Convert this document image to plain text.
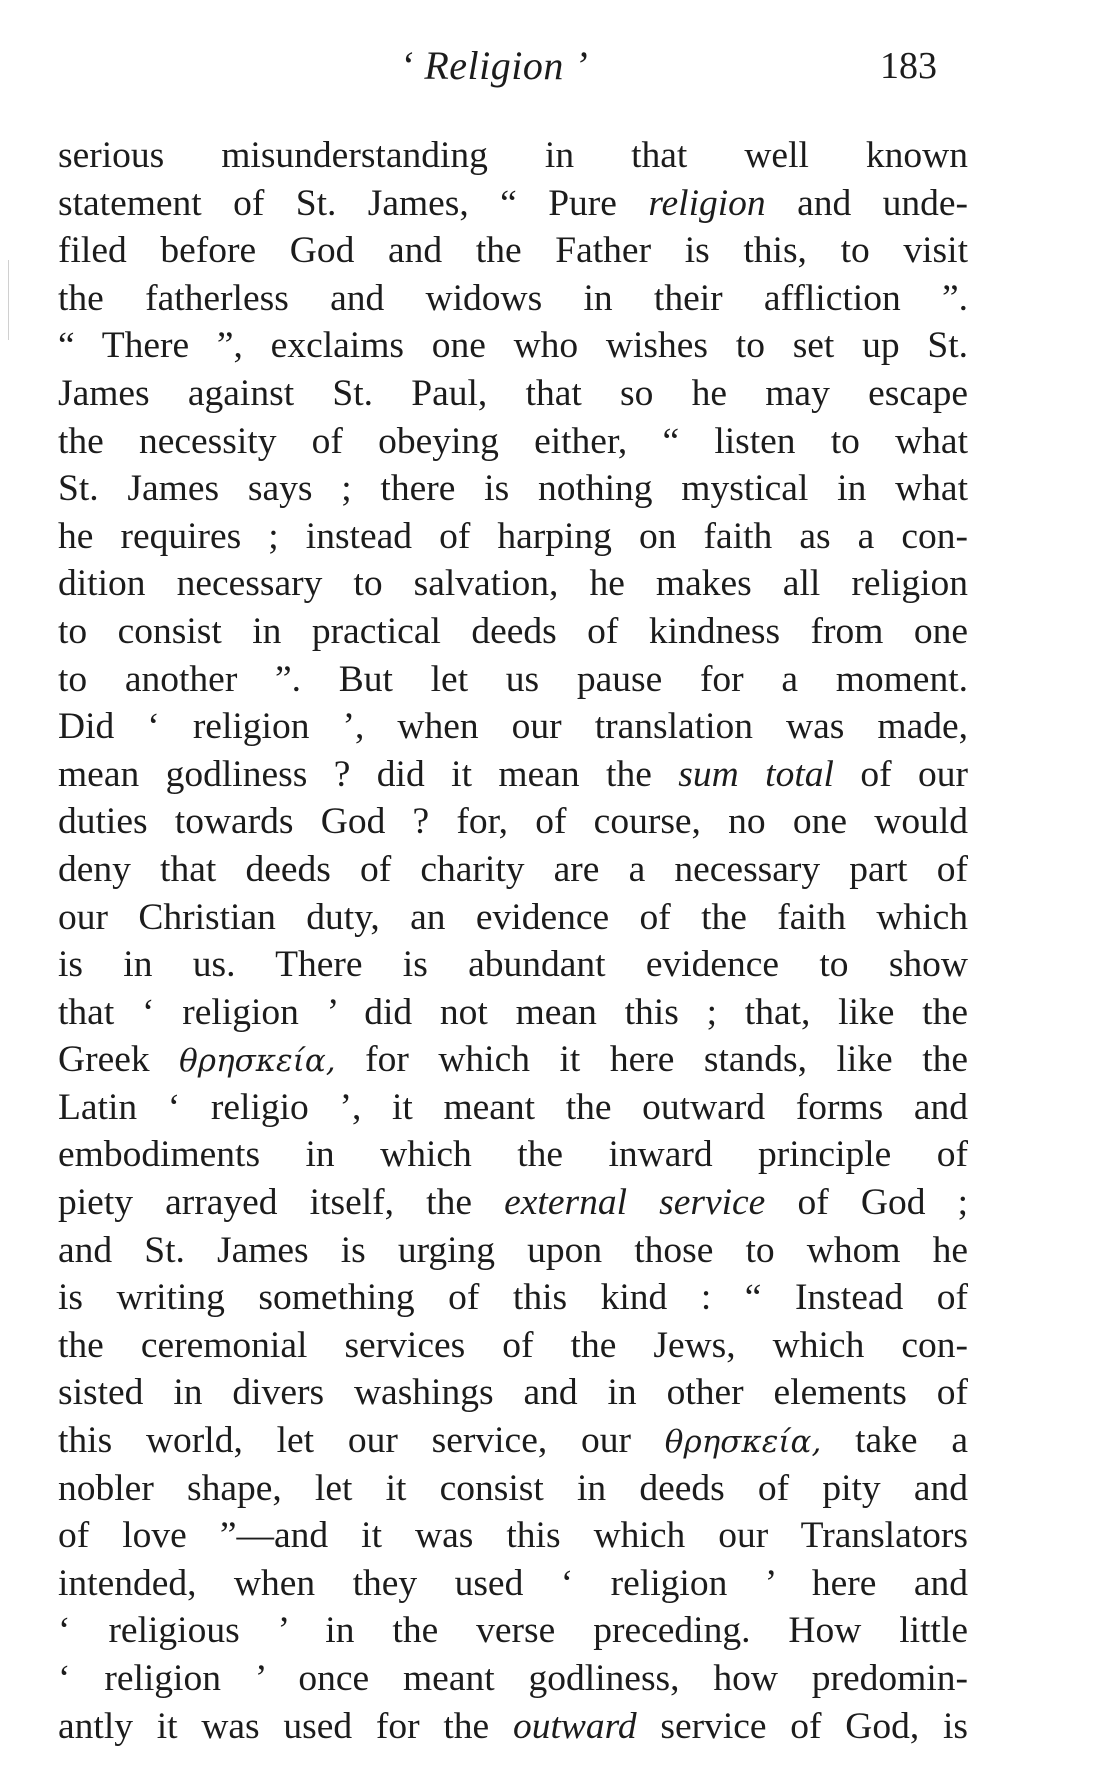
‘ Religion ’	183
serious misunderstanding in that well known
statement of St. James, “ Pure religion and unde-
filed before God and the Father is this, to visit
the fatherless and widows in their affliction ”.
“ There ”, exclaims one who wishes to set up St.
James against St. Paul, that so he may escape
the necessity of obeying either, “ listen to what
St. James says ; there is nothing mystical in what
he requires ; instead of harping on faith as a con-
dition necessary to salvation, he makes all religion
to consist in practical deeds of kindness from one
to another ”. But let us pause for a moment.
Did ‘ religion ’, when our translation was made,
mean godliness ? did it mean the sum total of our
duties towards God ? for, of course, no one would
deny that deeds of charity are a necessary part of
our Christian duty, an evidence of the faith which
is in us. There is abundant evidence to show
that ‘ religion ’ did not mean this ; that, like the
Greek θρησκεία, for which it here stands, like the
Latin ‘ religio ’, it meant the outward forms and
embodiments in which the inward principle of
piety arrayed itself, the external service of God ;
and St. James is urging upon those to whom he
is writing something of this kind : “ Instead of
the ceremonial services of the Jews, which con-
sisted in divers washings and in other elements of
this world, let our service, our θρησκεία, take a
nobler shape, let it consist in deeds of pity and
of love ”—and it was this which our Translators
intended, when they used ‘ religion ’ here and
‘ religious ’ in the verse preceding. How little
‘ religion ’ once meant godliness, how predomin-
antly it was used for the outward service of God, is
